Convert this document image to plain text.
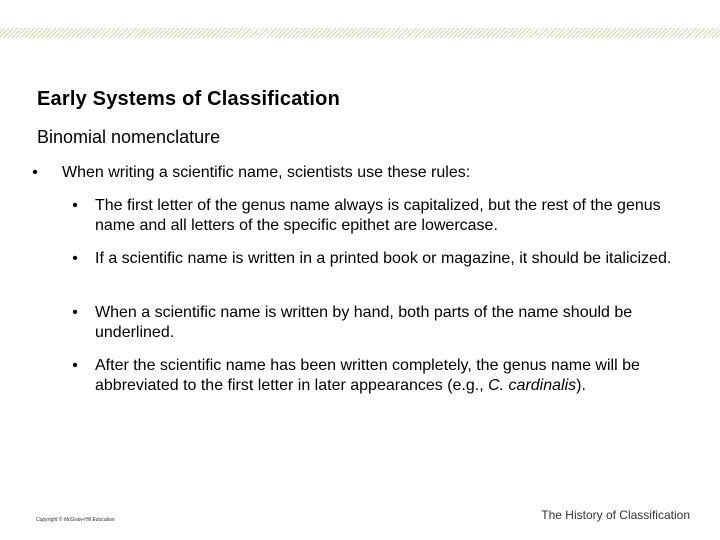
Early Systems of Classification
Binomial nomenclature
• When writing a scientific name, scientists use these rules:
• The first letter of the genus name always is capitalized, but the rest of the genus name and all letters of the specific epithet are lowercase.
• If a scientific name is written in a printed book or magazine, it should be italicized.
• When a scientific name is written by hand, both parts of the name should be underlined.
• After the scientific name has been written completely, the genus name will be abbreviated to the first letter in later appearances (e.g., C. cardinalis).
Copyright © McGraw-Hill Education	The History of Classification
